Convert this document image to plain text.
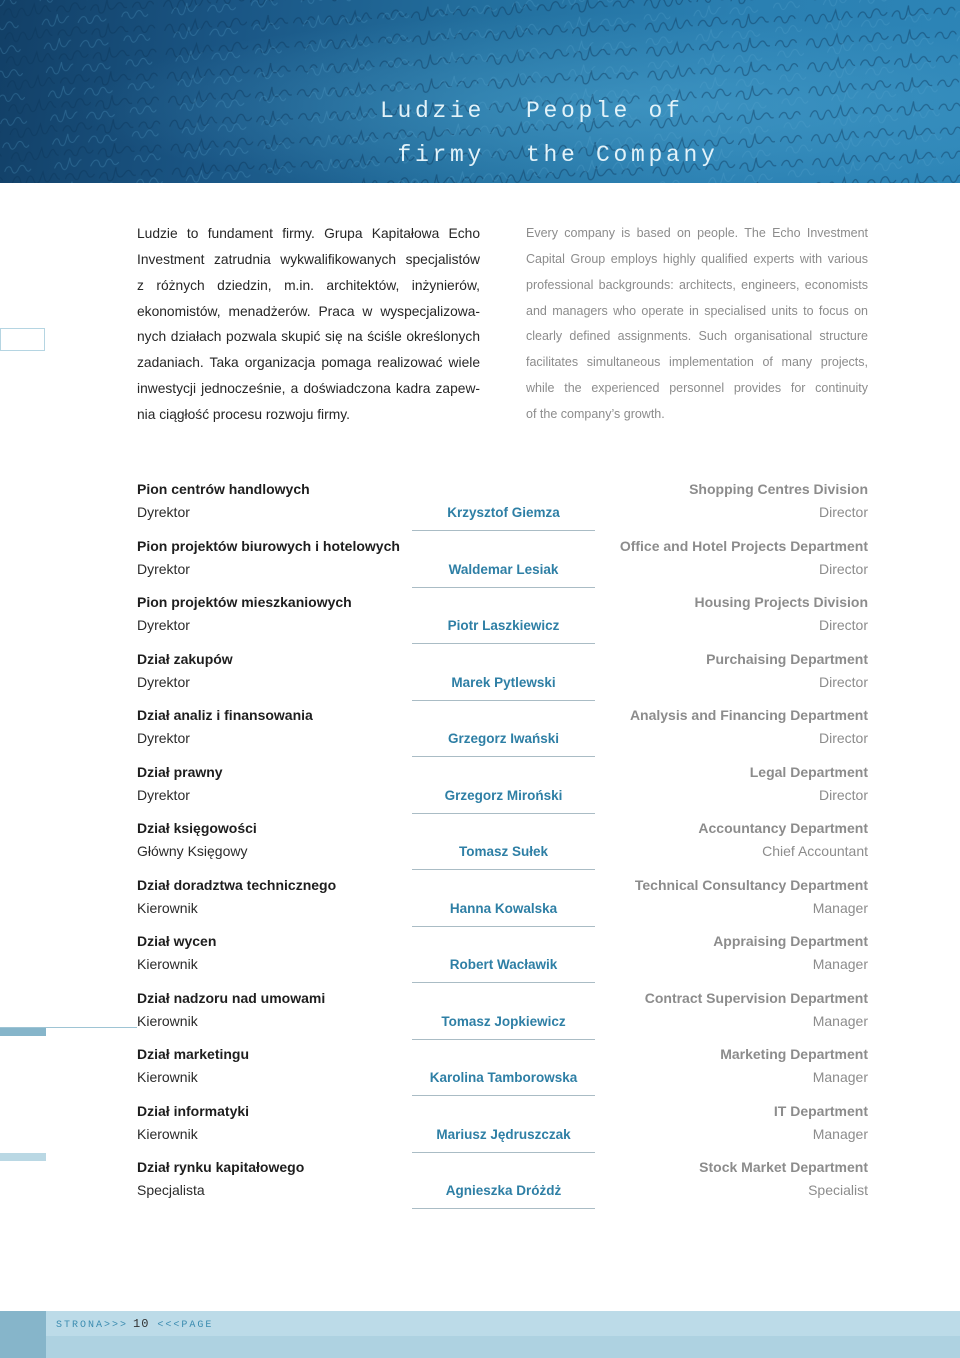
Ludzie
firmy
People of
the Company
Ludzie to fundament firmy. Grupa Kapitałowa Echo
Investment zatrudnia wykwalifikowanych specjalistów
z różnych dziedzin, m.in. architektów, inżynierów,
ekonomistów, menadżerów. Praca w wyspecjalizowa-
nych działach pozwala skupić się na ściśle określonych
zadaniach. Taka organizacja pomaga realizować wiele
inwestycji jednocześnie, a doświadczona kadra zapew-
nia ciągłość procesu rozwoju firmy.
Every company is based on people. The Echo Investment
Capital Group employs highly qualified experts with various
professional backgrounds: architects, engineers, economists
and managers who operate in specialised units to focus on
clearly defined assignments. Such organisational structure
facilitates simultaneous implementation of many projects,
while the experienced personnel provides for continuity
of the company’s growth.
Pion centrów handlowych
Dyrektor	Krzysztof Giemza
Shopping Centres Division
Director
Pion projektów biurowych i hotelowych
Dyrektor	Waldemar Lesiak
Office and Hotel Projects Department
Director
Pion projektów mieszkaniowych
Dyrektor	Piotr Laszkiewicz
Housing Projects Division
Director
Dział zakupów
Dyrektor	Marek Pytlewski
Purchaising Department
Director
Dział analiz i finansowania
Dyrektor	Grzegorz Iwański
Analysis and Financing Department
Director
Dział prawny
Dyrektor	Grzegorz Miroński
Legal Department
Director
Dział księgowości
Główny Księgowy	Tomasz Sułek
Accountancy Department
Chief Accountant
Dział doradztwa technicznego
Kierownik	Hanna Kowalska
Technical Consultancy Department
Manager
Dział wycen
Kierownik	Robert Wacławik
Appraising Department
Manager
Dział nadzoru nad umowami
Kierownik	Tomasz Jopkiewicz
Contract Supervision Department
Manager
Dział marketingu
Kierownik	Karolina Tamborowska
Marketing Department
Manager
Dział informatyki
Kierownik	Mariusz Jędruszczak
IT Department
Manager
Dział rynku kapitałowego
Specjalista	Agnieszka Dróżdż
Stock Market Department
Specialist
STRONA>>> 10 <<<PAGE
